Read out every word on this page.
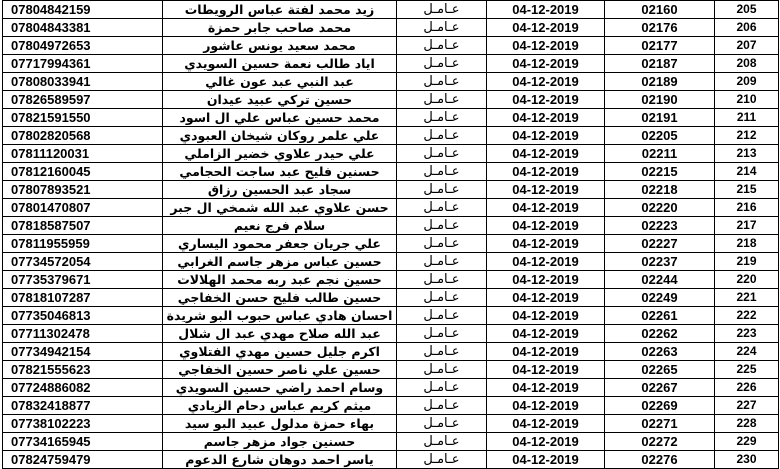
07804842159	زيد محمد لفتة عباس الرويطات	عـامـل	04-12-2019	02160	205
07804843381	محمد صاحب جابر حمزة	عـامـل	04-12-2019	02176	206
07804972653	محمد سعيد يونس عاشور	عـامـل	04-12-2019	02177	207
07717994361	اياد طالب نعمة حسين السويدي	عـامـل	04-12-2019	02187	208
07808033941	عبد النبي عبد عون غالي	عـامـل	04-12-2019	02189	209
07826589597	حسين تركي عبيد عيدان	عـامـل	04-12-2019	02190	210
07821591550	محمد حسين عباس علي ال اسود	عـامـل	04-12-2019	02191	211
07802820568	علي علمر روكان شيخان العبودي	عـامـل	04-12-2019	02205	212
07811120031	علي حيدر علاوي خضير الزاملي	عـامـل	04-12-2019	02211	213
07812160045	حسنين فليح عبد ساجت الحجامي	عـامـل	04-12-2019	02215	214
07807893521	سجاد عبد الحسين رزاق	عـامـل	04-12-2019	02218	215
07801470807	حسن علاوي عبد الله شمخي ال جبر	عـامـل	04-12-2019	02220	216
07818587507	سلام فرج نعيم	عـامـل	04-12-2019	02223	217
07811955959	علي جريان جعفر محمود اليساري	عـامـل	04-12-2019	02227	218
07734572054	حسين عباس مزهر جاسم الغرابي	عـامـل	04-12-2019	02237	219
07735379671	حسين نجم عبد ربه محمد الهلالات	عـامـل	04-12-2019	02244	220
07818107287	حسين طالب فليح حسن الخفاجي	عـامـل	04-12-2019	02249	221
07735046813	احسان هادي عباس حبوب البو شريدة	عـامـل	04-12-2019	02261	222
07711302478	عبد الله صلاح مهدي عبد ال شلال	عـامـل	04-12-2019	02262	223
07734942154	اكرم جليل حسين مهدي الفتلاوي	عـامـل	04-12-2019	02263	224
07821555623	حسين علي ناصر حسين الخفاجي	عـامـل	04-12-2019	02265	225
07724886082	وسام احمد راضي حسين السويدي	عـامـل	04-12-2019	02267	226
07832418877	ميثم كريم عباس دحام الزيادي	عـامـل	04-12-2019	02269	227
07738102223	بهاء حمزة مدلول عبيد البو سيد	عـامـل	04-12-2019	02271	228
07734165945	حسنين جواد مزهر جاسم	عـامـل	04-12-2019	02272	229
07824759479	ياسر احمد دوهان شارع الدعوم	عـامـل	04-12-2019	02276	230
